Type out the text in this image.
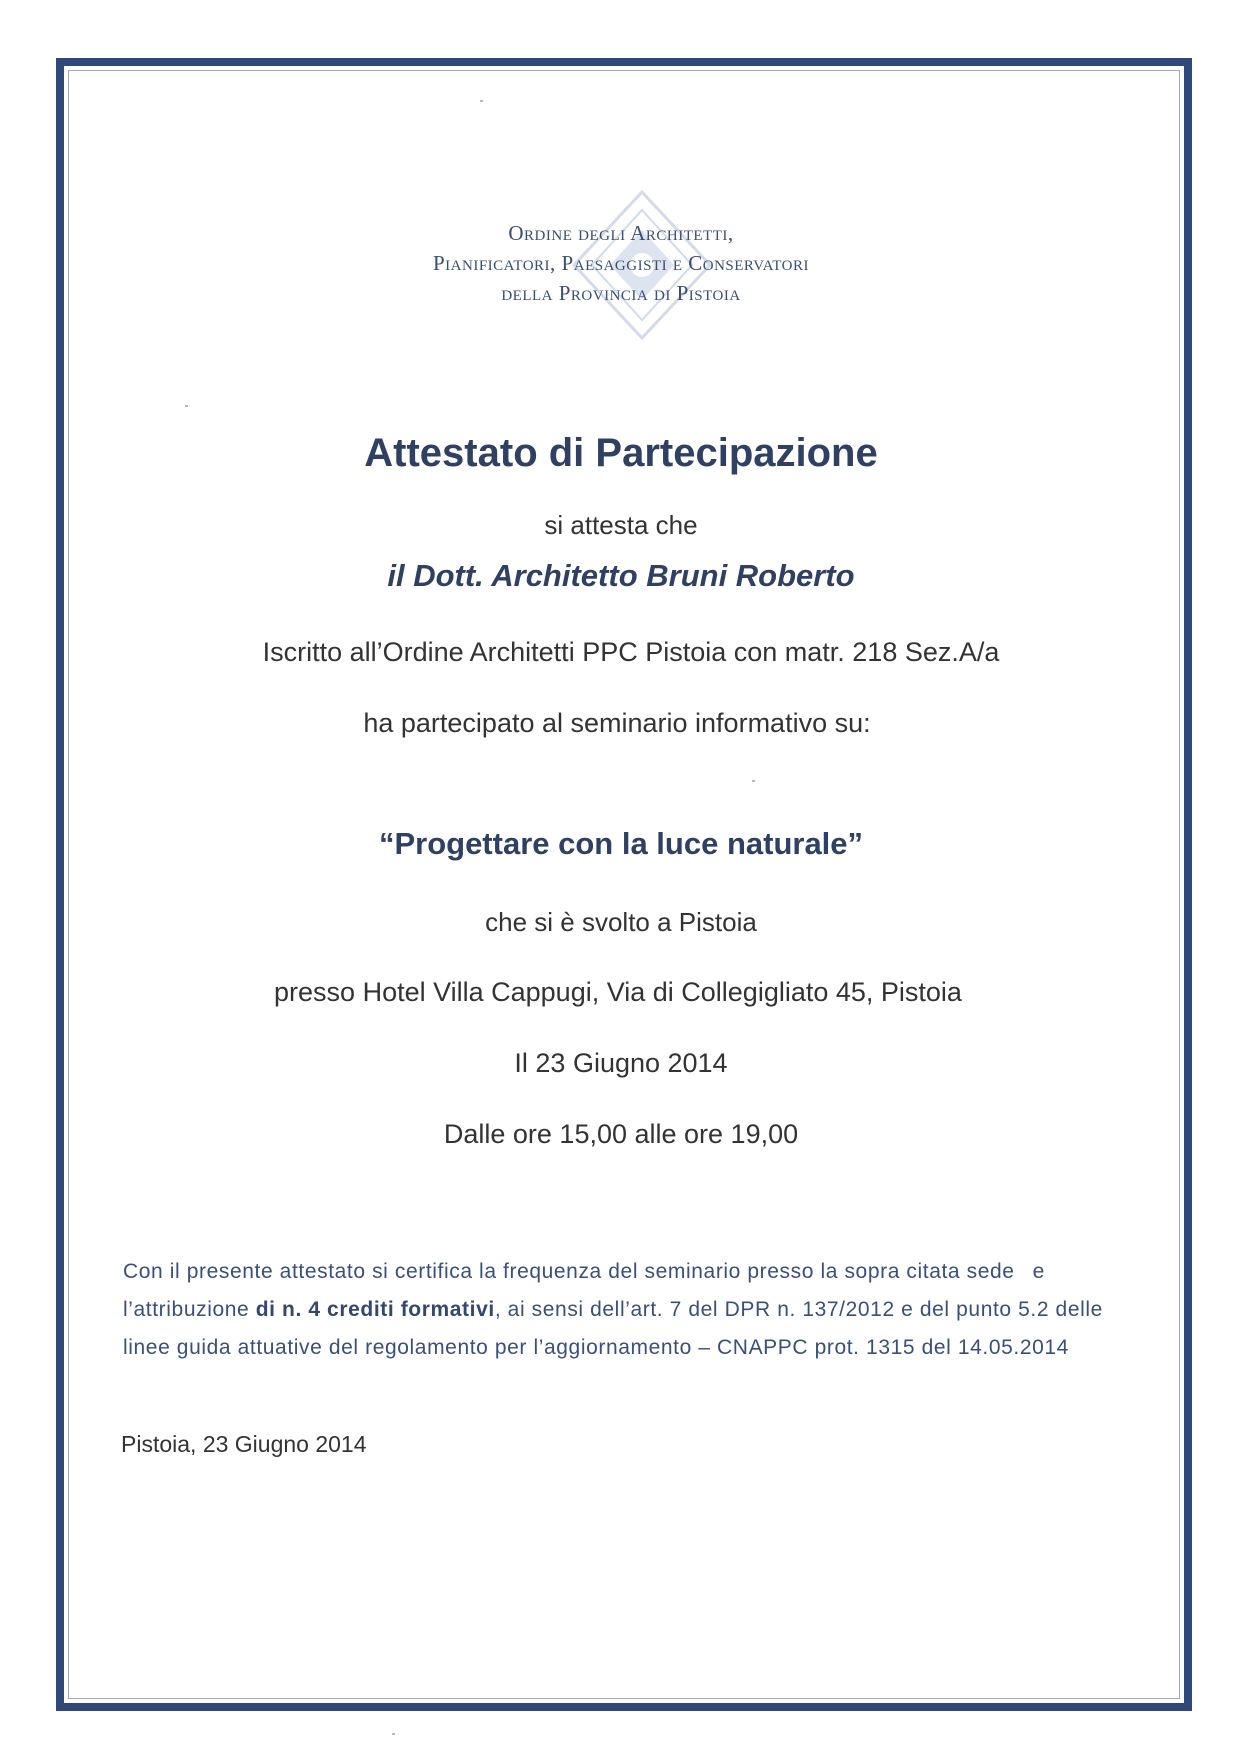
Ordine degli Architetti,
Pianificatori, Paesaggisti e Conservatori
della Provincia di Pistoia
Attestato di Partecipazione
si attesta che
il Dott. Architetto Bruni Roberto
Iscritto all’Ordine Architetti PPC Pistoia con matr. 218 Sez.A/a
ha partecipato al seminario informativo su:
“Progettare con la luce naturale”
che si è svolto a Pistoia
presso Hotel Villa Cappugi, Via di Collegigliato 45, Pistoia
Il 23 Giugno 2014
Dalle ore 15,00 alle ore 19,00
Con il presente attestato si certifica la frequenza del seminario presso la sopra citata sede e l’attribuzione di n. 4 crediti formativi, ai sensi dell’art. 7 del DPR n. 137/2012 e del punto 5.2 delle linee guida attuative del regolamento per l’aggiornamento – CNAPPC prot. 1315 del 14.05.2014
Pistoia, 23 Giugno 2014
